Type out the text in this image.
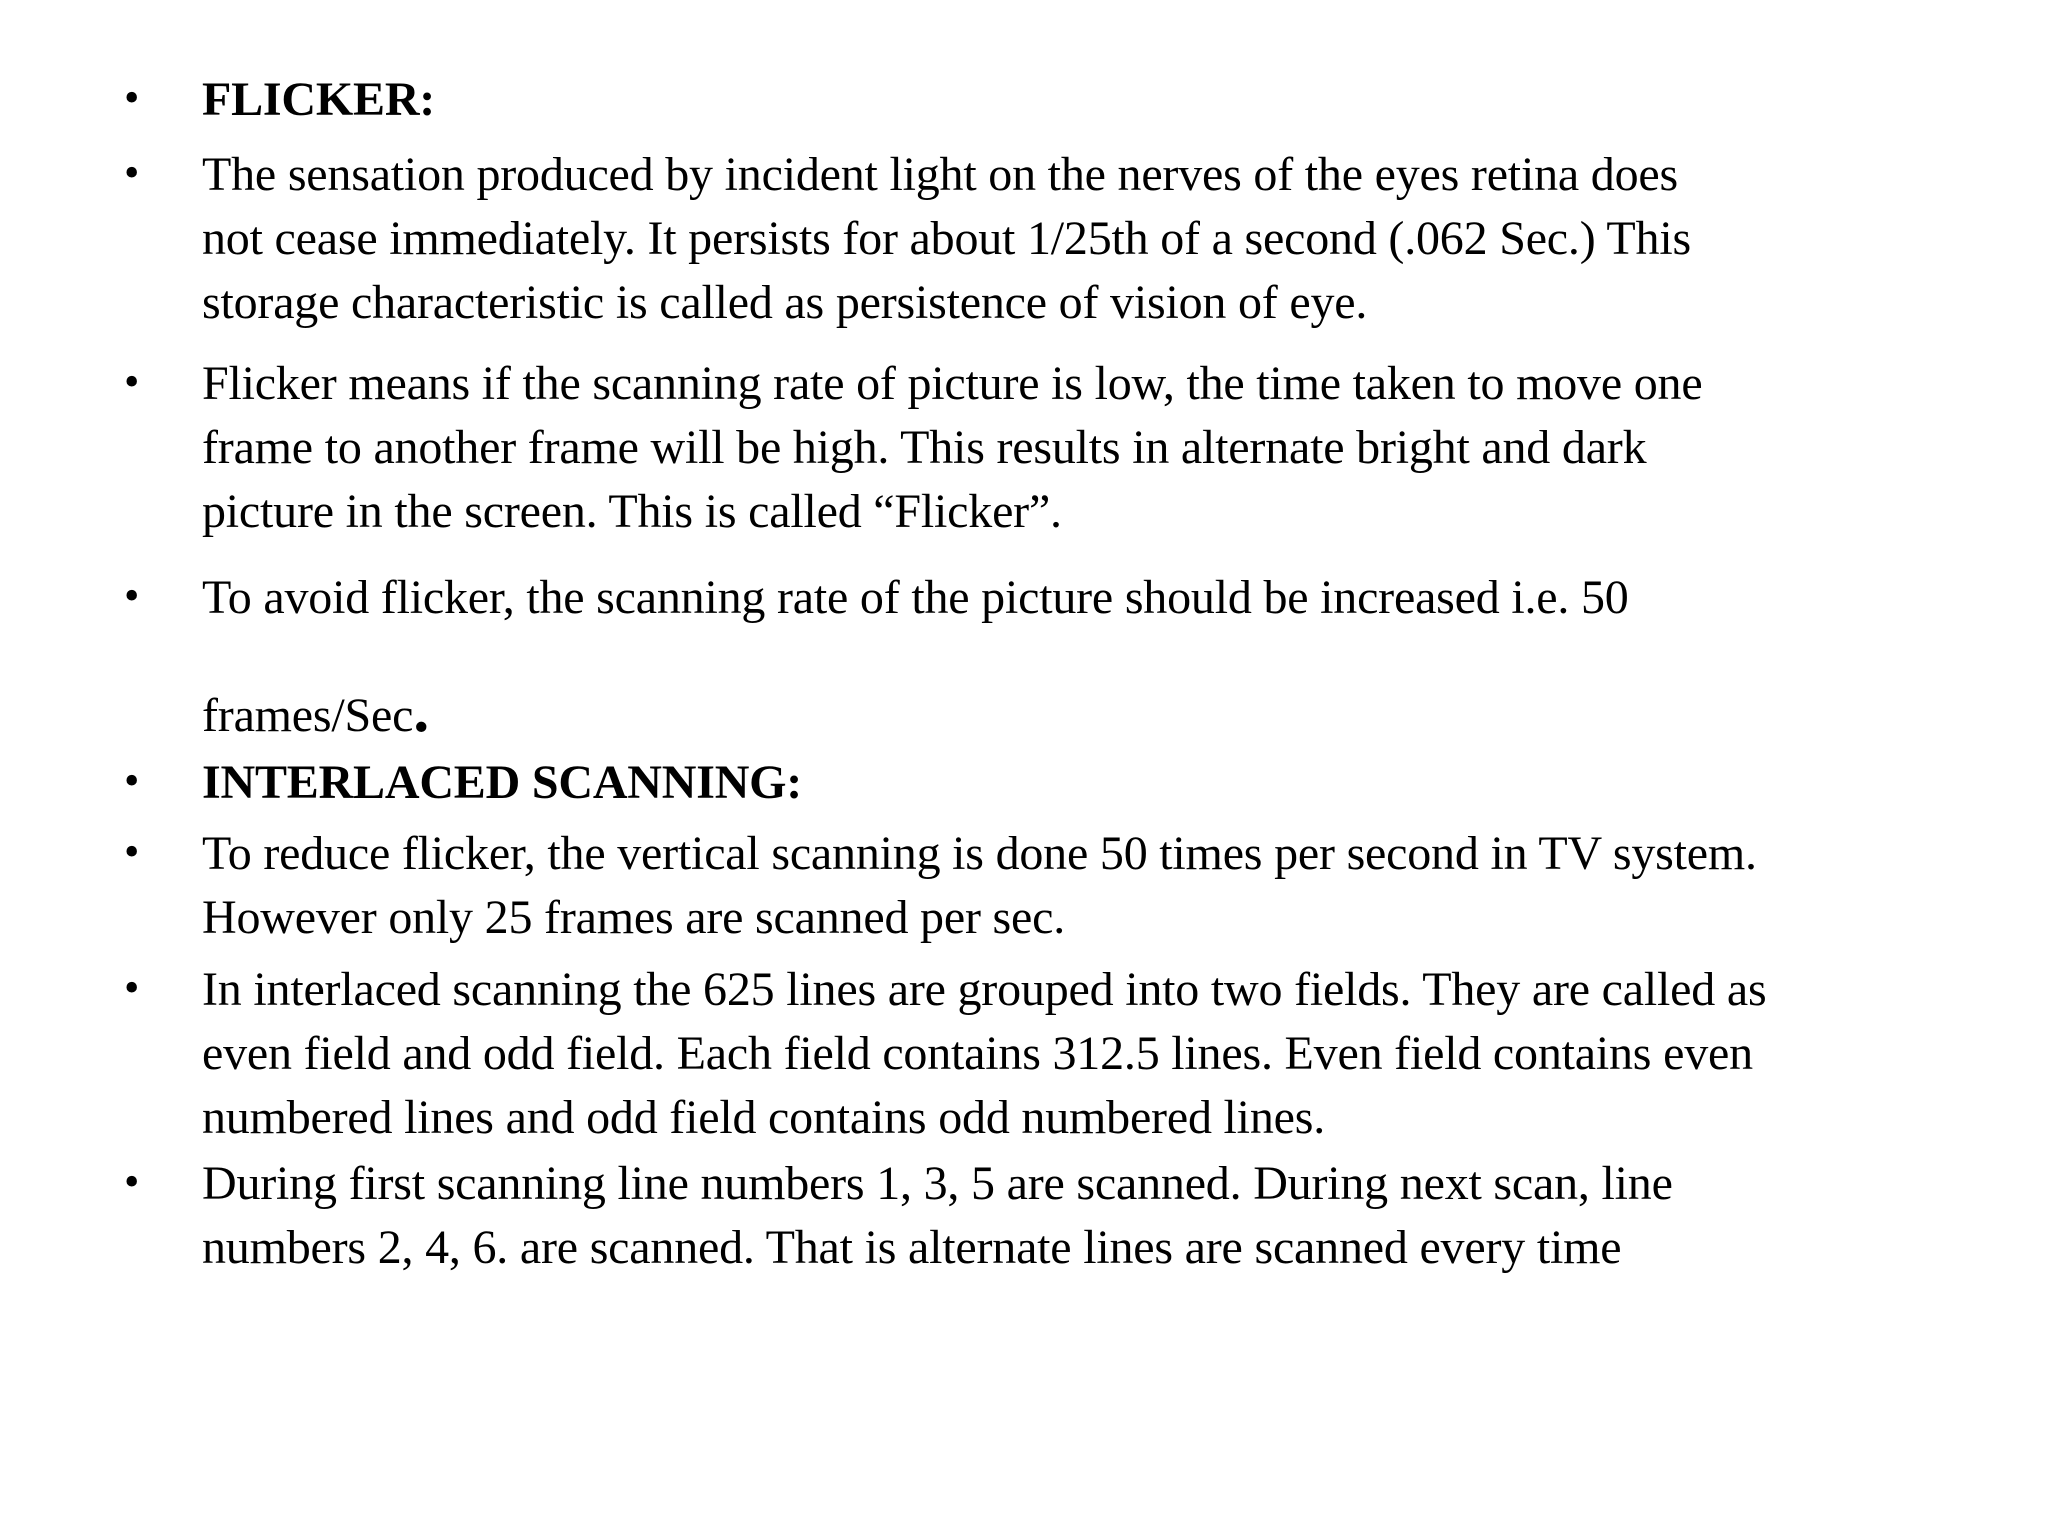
• FLICKER:
• The sensation produced by incident light on the nerves of the eyes retina does
not cease immediately. It persists for about 1/25th of a second (.062 Sec.) This
storage characteristic is called as persistence of vision of eye.
• Flicker means if the scanning rate of picture is low, the time taken to move one
frame to another frame will be high. This results in alternate bright and dark
picture in the screen. This is called “Flicker”.
• To avoid flicker, the scanning rate of the picture should be increased i.e. 50
frames/Sec.
• INTERLACED SCANNING:
• To reduce flicker, the vertical scanning is done 50 times per second in TV system.
However only 25 frames are scanned per sec.
• In interlaced scanning the 625 lines are grouped into two fields. They are called as
even field and odd field. Each field contains 312.5 lines. Even field contains even
numbered lines and odd field contains odd numbered lines.
• During first scanning line numbers 1, 3, 5 are scanned. During next scan, line
numbers 2, 4, 6. are scanned. That is alternate lines are scanned every time
